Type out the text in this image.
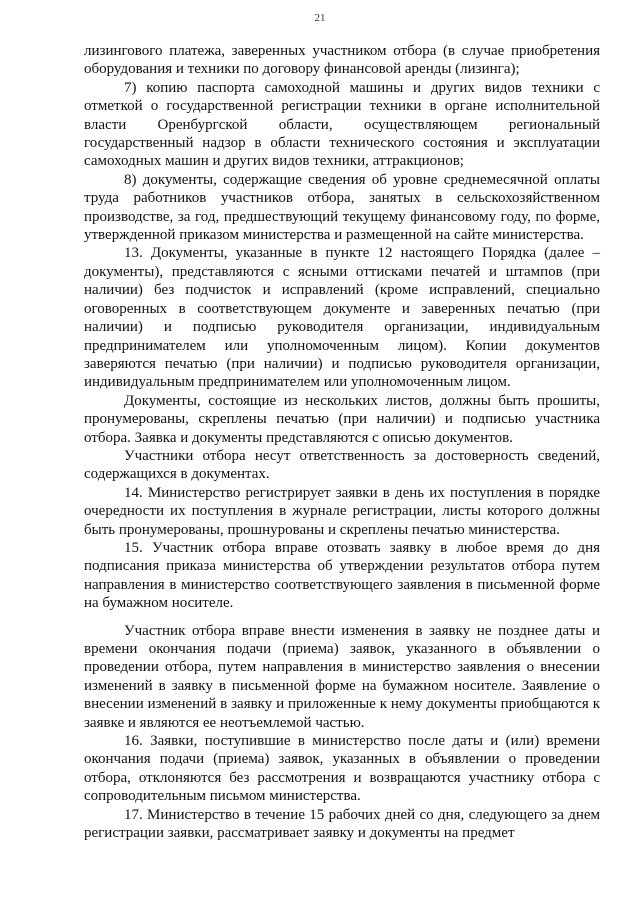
21

лизингового платежа, заверенных участником отбора (в случае приобретения оборудования и техники по договору финансовой аренды (лизинга);

7) копию паспорта самоходной машины и других видов техники с отметкой о государственной регистрации техники в органе исполнительной власти Оренбургской области, осуществляющем региональный государственный надзор в области технического состояния и эксплуатации самоходных машин и других видов техники, аттракционов;

8) документы, содержащие сведения об уровне среднемесячной оплаты труда работников участников отбора, занятых в сельскохозяйственном производстве, за год, предшествующий текущему финансовому году, по форме, утвержденной приказом министерства и размещенной на сайте министерства.

13. Документы, указанные в пункте 12 настоящего Порядка (далее – документы), представляются с ясными оттисками печатей и штампов (при наличии) без подчисток и исправлений (кроме исправлений, специально оговоренных в соответствующем документе и заверенных печатью (при наличии) и подписью руководителя организации, индивидуальным предпринимателем или уполномоченным лицом). Копии документов заверяются печатью (при наличии) и подписью руководителя организации, индивидуальным предпринимателем или уполномоченным лицом.

Документы, состоящие из нескольких листов, должны быть прошиты, пронумерованы, скреплены печатью (при наличии) и подписью участника отбора. Заявка и документы представляются с описью документов.

Участники отбора несут ответственность за достоверность сведений, содержащихся в документах.

14. Министерство регистрирует заявки в день их поступления в порядке очередности их поступления в журнале регистрации, листы которого должны быть пронумерованы, прошнурованы и скреплены печатью министерства.

15. Участник отбора вправе отозвать заявку в любое время до дня подписания приказа министерства об утверждении результатов отбора путем направления в министерство соответствующего заявления в письменной форме на бумажном носителе.

Участник отбора вправе внести изменения в заявку не позднее даты и времени окончания подачи (приема) заявок, указанного в объявлении о проведении отбора, путем направления в министерство заявления о внесении изменений в заявку в письменной форме на бумажном носителе. Заявление о внесении изменений в заявку и приложенные к нему документы приобщаются к заявке и являются ее неотъемлемой частью.

16. Заявки, поступившие в министерство после даты и (или) времени окончания подачи (приема) заявок, указанных в объявлении о проведении отбора, отклоняются без рассмотрения и возвращаются участнику отбора с сопроводительным письмом министерства.

17. Министерство в течение 15 рабочих дней со дня, следующего за днем регистрации заявки, рассматривает заявку и документы на предмет
